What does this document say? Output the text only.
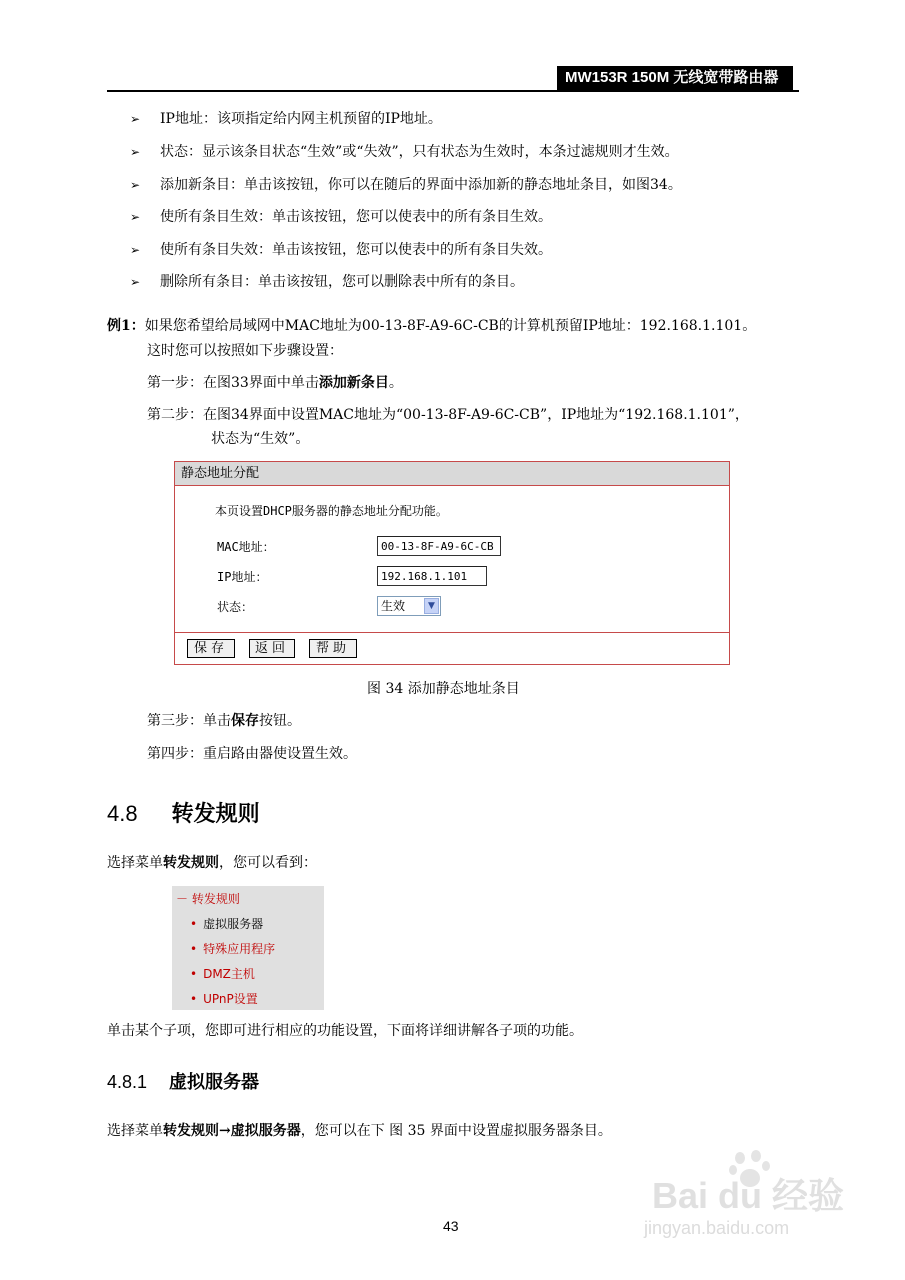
MW153R 150M 无线宽带路由器
➢	IP地址：该项指定给内网主机预留的IP地址。
➢	状态：显示该条目状态“生效”或“失效”，只有状态为生效时，本条过滤规则才生效。
➢	添加新条目：单击该按钮，你可以在随后的界面中添加新的静态地址条目，如图34。
➢	使所有条目生效：单击该按钮，您可以使表中的所有条目生效。
➢	使所有条目失效：单击该按钮，您可以使表中的所有条目失效。
➢	删除所有条目：单击该按钮，您可以删除表中所有的条目。
例1：如果您希望给局域网中MAC地址为00-13-8F-A9-6C-CB的计算机预留IP地址：192.168.1.101。
这时您可以按照如下步骤设置：
第一步：在图33界面中单击添加新条目。
第二步：在图34界面中设置MAC地址为“00-13-8F-A9-6C-CB”，IP地址为“192.168.1.101”，
状态为“生效”。
静态地址分配
本页设置DHCP服务器的静态地址分配功能。
MAC地址：	00-13-8F-A9-6C-CB
IP地址：	192.168.1.101
状态：	生效	▼
保存	返回	帮助
图 34 添加静态地址条目
第三步：单击保存按钮。
第四步：重启路由器使设置生效。
4.8 转发规则
选择菜单转发规则，您可以看到：
－ 转发规则
• 虚拟服务器
• 特殊应用程序
• DMZ主机
• UPnP设置
单击某个子项，您即可进行相应的功能设置，下面将详细讲解各子项的功能。
4.8.1 虚拟服务器
选择菜单转发规则→虚拟服务器，您可以在下 图 35 界面中设置虚拟服务器条目。
Bai du 经验
jingyan.baidu.com
43
